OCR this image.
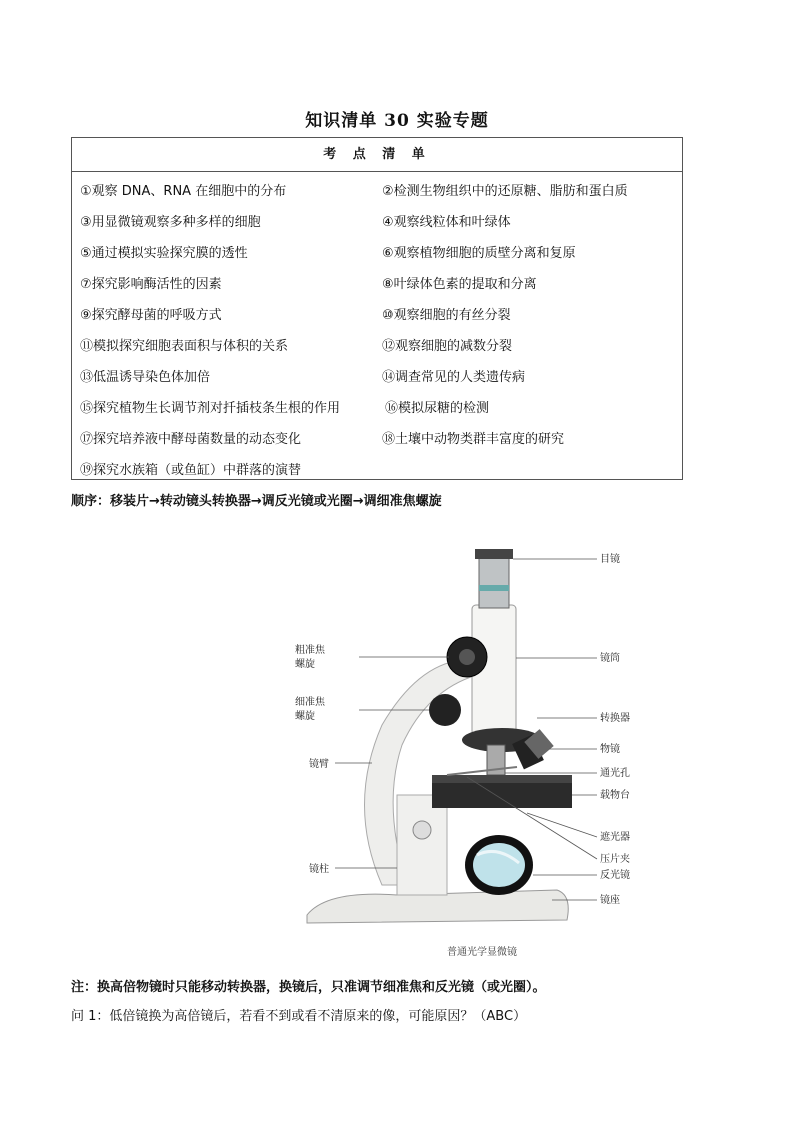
知识清单 30 实验专题
考 点 清 单
①观察 DNA、RNA 在细胞中的分布	②检测生物组织中的还原糖、脂肪和蛋白质
③用显微镜观察多种多样的细胞	④观察线粒体和叶绿体
⑤通过模拟实验探究膜的透性	⑥观察植物细胞的质壁分离和复原
⑦探究影响酶活性的因素	⑧叶绿体色素的提取和分离
⑨探究酵母菌的呼吸方式	⑩观察细胞的有丝分裂
⑪模拟探究细胞表面积与体积的关系	⑫观察细胞的减数分裂
⑬低温诱导染色体加倍	⑭调查常见的人类遗传病
⑮探究植物生长调节剂对扦插枝条生根的作用	⑯模拟尿糖的检测
⑰探究培养液中酵母菌数量的动态变化	⑱土壤中动物类群丰富度的研究
⑲探究水族箱（或鱼缸）中群落的演替
顺序：移装片→转动镜头转换器→调反光镜或光圈→调细准焦螺旋
目镜
镜筒
转换器
物镜
通光孔
载物台
遮光器
压片夹
反光镜
镜座
粗准焦
螺旋
细准焦
螺旋
镜臂
镜柱
普通光学显微镜
注：换高倍物镜时只能移动转换器，换镜后，只准调节细准焦和反光镜（或光圈）。
问 1：低倍镜换为高倍镜后，若看不到或看不清原来的像，可能原因？（ABC）
